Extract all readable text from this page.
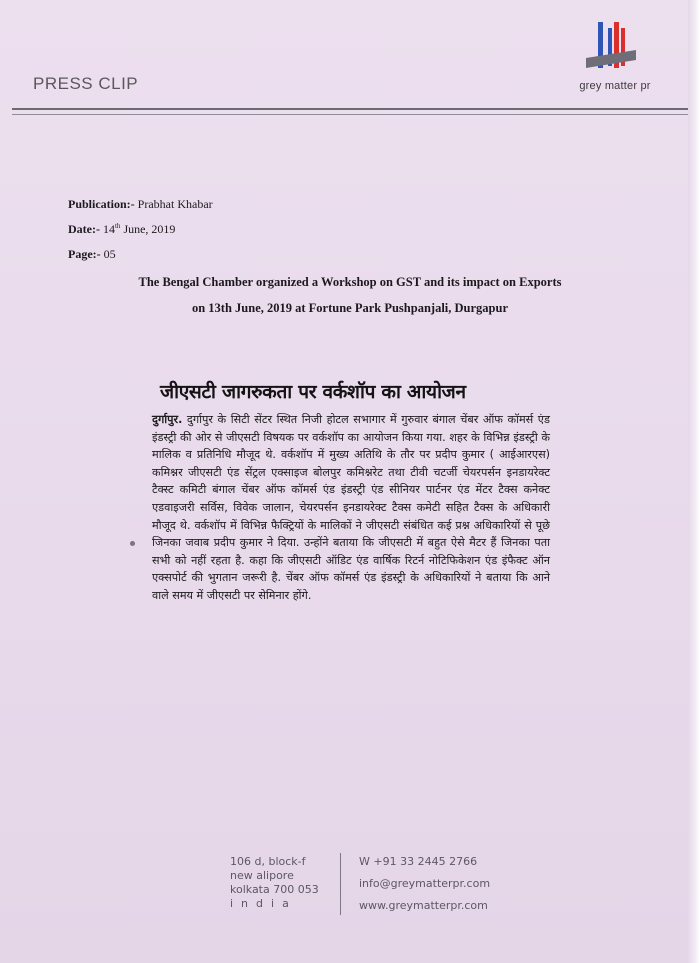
grey matter pr
PRESS CLIP
Publication:- Prabhat Khabar
Date:- 14th June, 2019
Page:- 05
The Bengal Chamber organized a Workshop on GST and its impact on Exports
on 13th June, 2019 at Fortune Park Pushpanjali, Durgapur
जीएसटी जागरुकता पर वर्कशॉप का आयोजन

दुर्गापुर. दुर्गापुर के सिटी सेंटर स्थित निजी होटल सभागार में गुरुवार बंगाल चेंबर ऑफ कॉमर्स एंड इंडस्ट्री की ओर से जीएसटी विषयक पर वर्कशॉप का आयोजन किया गया. शहर के विभिन्न इंडस्ट्री के मालिक व प्रतिनिधि मौजूद थे. वर्कशॉप में मुख्य अतिथि के तौर पर प्रदीप कुमार ( आईआरएस) कमिश्नर जीएसटी एंड सेंट्रल एक्साइज बोलपुर कमिश्नरेट तथा टीवी चटर्जी चेयरपर्सन इनडायरेक्ट टैक्स्ट कमिटी बंगाल चेंबर ऑफ कॉमर्स एंड इंडस्ट्री एंड सीनियर पार्टनर एंड मेंटर टैक्स कनेक्ट एडवाइजरी सर्विस, विवेक जालान, चेयरपर्सन इनडायरेक्ट टैक्स कमेटी सहित टैक्स के अधिकारी मौजूद थे. वर्कशॉप में विभिन्न फैक्ट्रियों के मालिकों ने जीएसटी संबंधित कई प्रश्न अधिकारियों से पूछे जिनका जवाब प्रदीप कुमार ने दिया. उन्होंने बताया कि जीएसटी में बहुत ऐसे मैटर हैं जिनका पता सभी को नहीं रहता है. कहा कि जीएसटी ऑडिट एंड वार्षिक रिटर्न नोटिफिकेशन एंड इंफैक्ट ऑन एक्सपोर्ट की भुगतान जरूरी है. चेंबर ऑफ कॉमर्स एंड इंडस्ट्री के अधिकारियों ने बताया कि आने वाले समय में जीएसटी पर सेमिनार होंगे.

106 d, block-f
new alipore
kolkata 700 053
india
W +91 33 2445 2766
info@greymatterpr.com
www.greymatterpr.com
